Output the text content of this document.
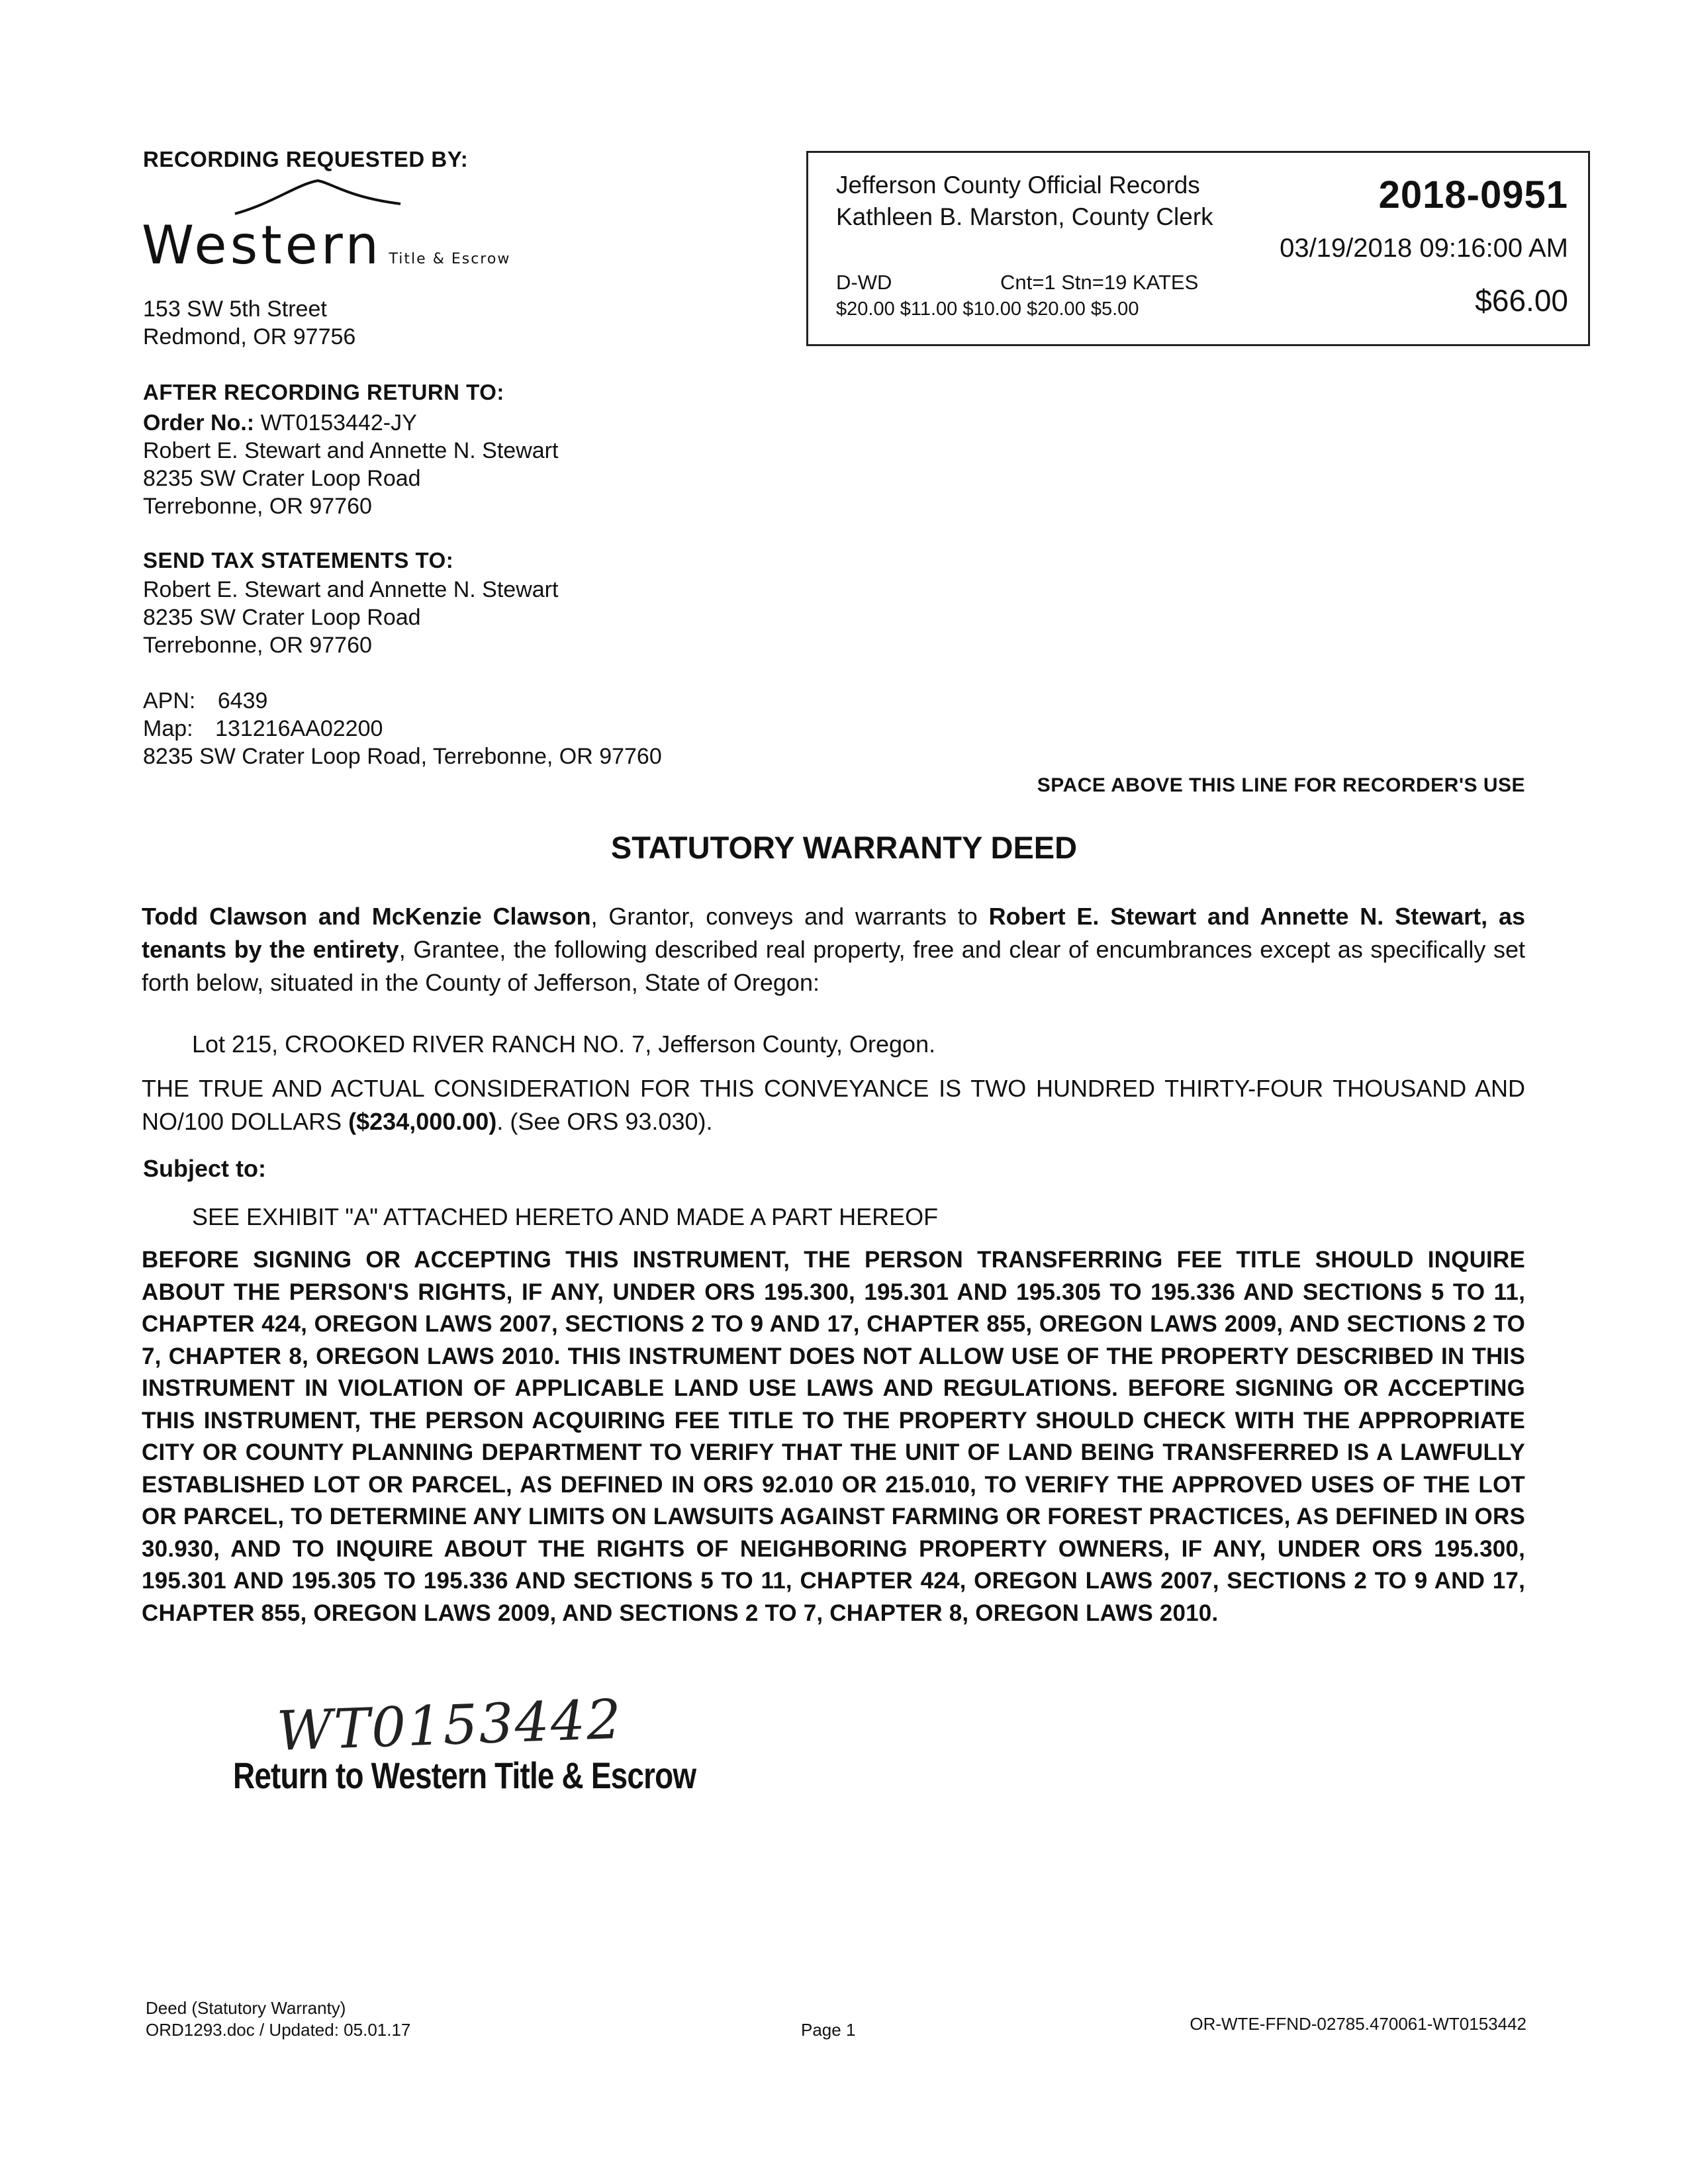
RECORDING REQUESTED BY:
Western Title & Escrow
153 SW 5th Street
Redmond, OR 97756
Jefferson County Official Records
Kathleen B. Marston, County Clerk
2018-0951
03/19/2018 09:16:00 AM
D-WD	Cnt=1 Stn=19 KATES
$20.00 $11.00 $10.00 $20.00 $5.00	$66.00
AFTER RECORDING RETURN TO:
Order No.: WT0153442-JY
Robert E. Stewart and Annette N. Stewart
8235 SW Crater Loop Road
Terrebonne, OR 97760
SEND TAX STATEMENTS TO:
Robert E. Stewart and Annette N. Stewart
8235 SW Crater Loop Road
Terrebonne, OR 97760
APN: 6439
Map: 131216AA02200
8235 SW Crater Loop Road, Terrebonne, OR 97760
SPACE ABOVE THIS LINE FOR RECORDER'S USE
STATUTORY WARRANTY DEED
Todd Clawson and McKenzie Clawson, Grantor, conveys and warrants to Robert E. Stewart and Annette N. Stewart, as tenants by the entirety, Grantee, the following described real property, free and clear of encumbrances except as specifically set forth below, situated in the County of Jefferson, State of Oregon:
Lot 215, CROOKED RIVER RANCH NO. 7, Jefferson County, Oregon.
THE TRUE AND ACTUAL CONSIDERATION FOR THIS CONVEYANCE IS TWO HUNDRED THIRTY-FOUR THOUSAND AND NO/100 DOLLARS ($234,000.00). (See ORS 93.030).
Subject to:
SEE EXHIBIT "A" ATTACHED HERETO AND MADE A PART HEREOF
BEFORE SIGNING OR ACCEPTING THIS INSTRUMENT, THE PERSON TRANSFERRING FEE TITLE SHOULD INQUIRE ABOUT THE PERSON'S RIGHTS, IF ANY, UNDER ORS 195.300, 195.301 AND 195.305 TO 195.336 AND SECTIONS 5 TO 11, CHAPTER 424, OREGON LAWS 2007, SECTIONS 2 TO 9 AND 17, CHAPTER 855, OREGON LAWS 2009, AND SECTIONS 2 TO 7, CHAPTER 8, OREGON LAWS 2010. THIS INSTRUMENT DOES NOT ALLOW USE OF THE PROPERTY DESCRIBED IN THIS INSTRUMENT IN VIOLATION OF APPLICABLE LAND USE LAWS AND REGULATIONS. BEFORE SIGNING OR ACCEPTING THIS INSTRUMENT, THE PERSON ACQUIRING FEE TITLE TO THE PROPERTY SHOULD CHECK WITH THE APPROPRIATE CITY OR COUNTY PLANNING DEPARTMENT TO VERIFY THAT THE UNIT OF LAND BEING TRANSFERRED IS A LAWFULLY ESTABLISHED LOT OR PARCEL, AS DEFINED IN ORS 92.010 OR 215.010, TO VERIFY THE APPROVED USES OF THE LOT OR PARCEL, TO DETERMINE ANY LIMITS ON LAWSUITS AGAINST FARMING OR FOREST PRACTICES, AS DEFINED IN ORS 30.930, AND TO INQUIRE ABOUT THE RIGHTS OF NEIGHBORING PROPERTY OWNERS, IF ANY, UNDER ORS 195.300, 195.301 AND 195.305 TO 195.336 AND SECTIONS 5 TO 11, CHAPTER 424, OREGON LAWS 2007, SECTIONS 2 TO 9 AND 17, CHAPTER 855, OREGON LAWS 2009, AND SECTIONS 2 TO 7, CHAPTER 8, OREGON LAWS 2010.
WT0153442
Return to Western Title & Escrow
Deed (Statutory Warranty)
ORD1293.doc / Updated: 05.01.17	Page 1	OR-WTE-FFND-02785.470061-WT0153442
